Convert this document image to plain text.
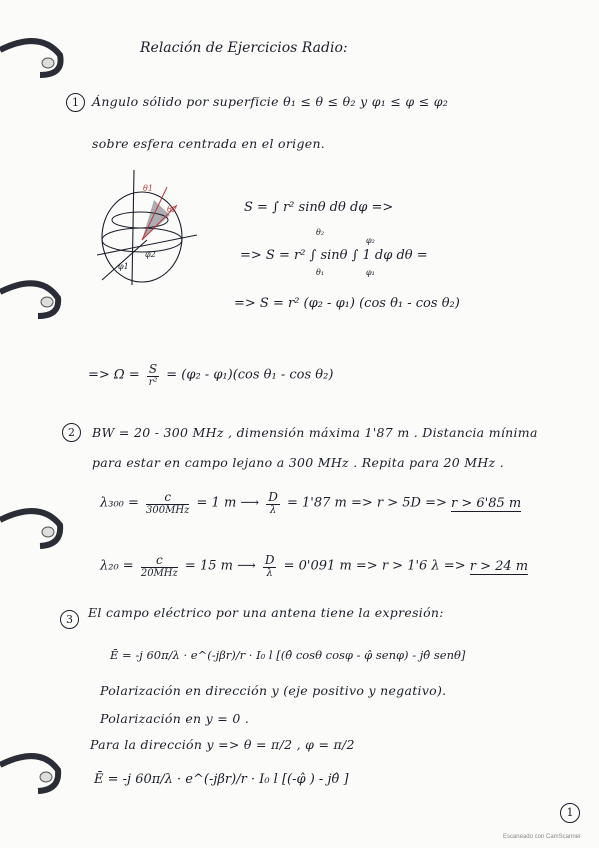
Relación de Ejercicios Radio:
1	Ángulo sólido por superficie θ₁ ≤ θ ≤ θ₂ y φ₁ ≤ φ ≤ φ₂
sobre esfera centrada en el origen.
θ1
θ2
φ2
φ1
S = ∫ r² sinθ dθ dφ =>
=> S = r² ∫ sinθ ∫ 1 dφ dθ =
θ₂
θ₁
φ₂
φ₁
=> S = r² (φ₂ - φ₁) (cos θ₁ - cos θ₂)
=> $\Omega = \frac{S}{\text{r²}} = (\varphi_2 - \varphi_1)(\cos$ θ₁ - cos θ₂)
2	BW = 20 - 300 MHz , dimensión máxima 1'87 m . Distancia mínima
para estar en campo lejano a 300 MHz . Repita para 20 MHz .
$\lambda_{300} = \frac{c}{\text{300MHz}} = 1$ m ⟶ $\frac{D}{\lambda} = 1'87$ m => r > 5D => r > 6'85 m
$\lambda_{20} = \frac{c}{\text{20MHz}} = 15$ m ⟶ $\frac{D}{\lambda} = 0'091$ m => r > 1'6 λ => r > 24 m
3	El campo eléctrico por una antena tiene la expresión:
Ē = -j 60π/λ · e^(-jβr)/r · I₀ l [(θ̂ cosθ cosφ - φ̂ senφ) - jθ̂ senθ]
Polarización en dirección y (eje positivo y negativo).
Polarización en y = 0 .
Para la dirección y => θ = π/2 , φ = π/2
Ē = -j 60π/λ · e^(-jβr)/r · I₀ l [(-φ̂ ) - jθ̂ ]
1
Escaneado con CamScanner
